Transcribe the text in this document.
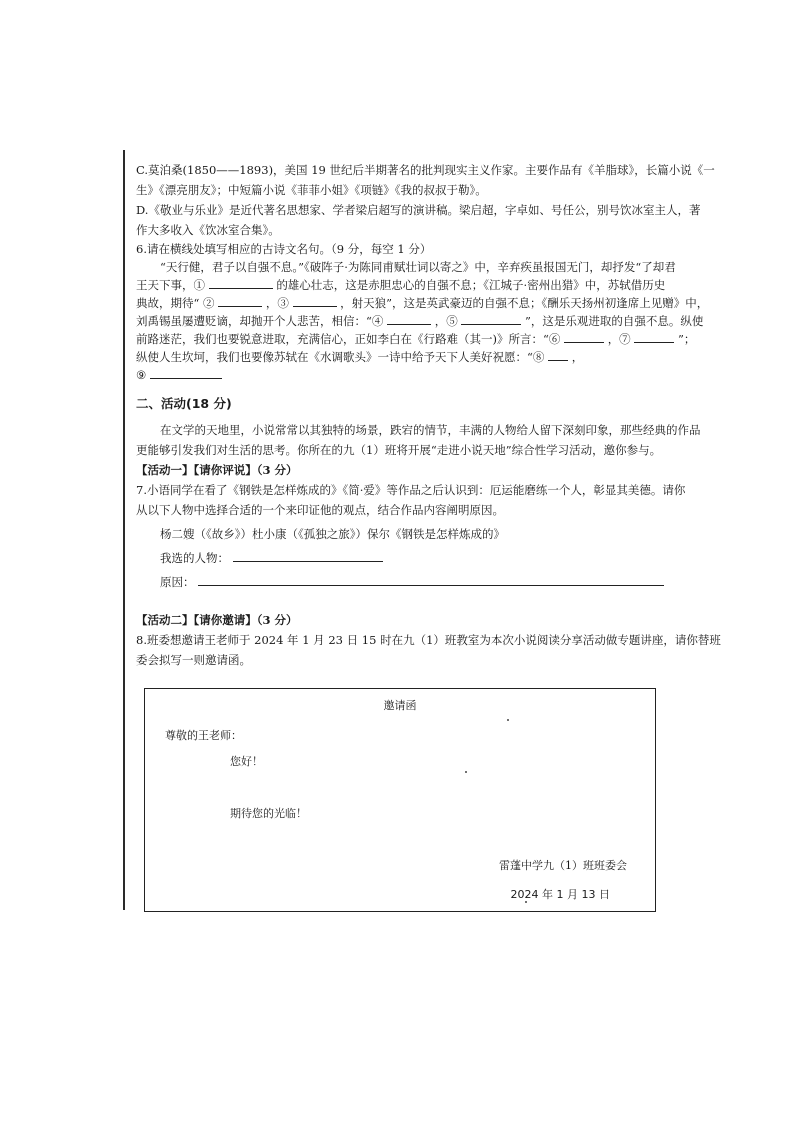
C.莫泊桑(1850——1893)，美国 19 世纪后半期著名的批判现实主义作家。主要作品有《羊脂球》，长篇小说《一
生》《漂亮朋友》；中短篇小说《菲菲小姐》《项链》《我的叔叔于勒》。
D.《敬业与乐业》是近代著名思想家、学者梁启超写的演讲稿。梁启超，字卓如、号任公，别号饮冰室主人，著
作大多收入《饮冰室合集》。
6.请在横线处填写相应的古诗文名句。（9 分，每空 1 分）
“天行健，君子以自强不息。”《破阵子·为陈同甫赋壮词以寄之》中，辛弃疾虽报国无门，却抒发“了却君
王天下事，①	的雄心壮志，这是赤胆忠心的自强不息；《江城子·密州出猎》中，苏轼借历史
典故，期待“ ②	，③	，射天狼”，这是英武豪迈的自强不息；《酬乐天扬州初逢席上见赠》中，
刘禹锡虽屡遭贬谪，却抛开个人悲苦，相信：“④	，⑤	”，这是乐观进取的自强不息。纵使
前路迷茫，我们也要锐意进取，充满信心，正如李白在《行路难（其一)》所言：“⑥	，⑦	”；
纵使人生坎坷，我们也要像苏轼在《水调歌头》一诗中给予天下人美好祝愿：“⑧ ，
⑨
二、活动(18 分)
在文学的天地里，小说常常以其独特的场景，跌宕的情节，丰满的人物给人留下深刻印象，那些经典的作品
更能够引发我们对生活的思考。你所在的九（1）班将开展“走进小说天地”综合性学习活动，邀你参与。
【活动一】【请你评说】（3 分）
7.小语同学在看了《钢铁是怎样炼成的》《简·爱》等作品之后认识到：厄运能磨练一个人，彰显其美德。请你
从以下人物中选择合适的一个来印证他的观点，结合作品内容阐明原因。
杨二嫂（《故乡》）杜小康（《孤独之旅》）保尔《钢铁是怎样炼成的》
我选的人物：
原因：
【活动二】【请你邀请】（3 分）
8.班委想邀请王老师于 2024 年 1 月 23 日 15 时在九（1）班教室为本次小说阅读分享活动做专题讲座，请你替班
委会拟写一则邀请函。
邀请函
尊敬的王老师：
您好！
期待您的光临！
雷蓬中学九（1）班班委会
2024 年 1 月 13 日
